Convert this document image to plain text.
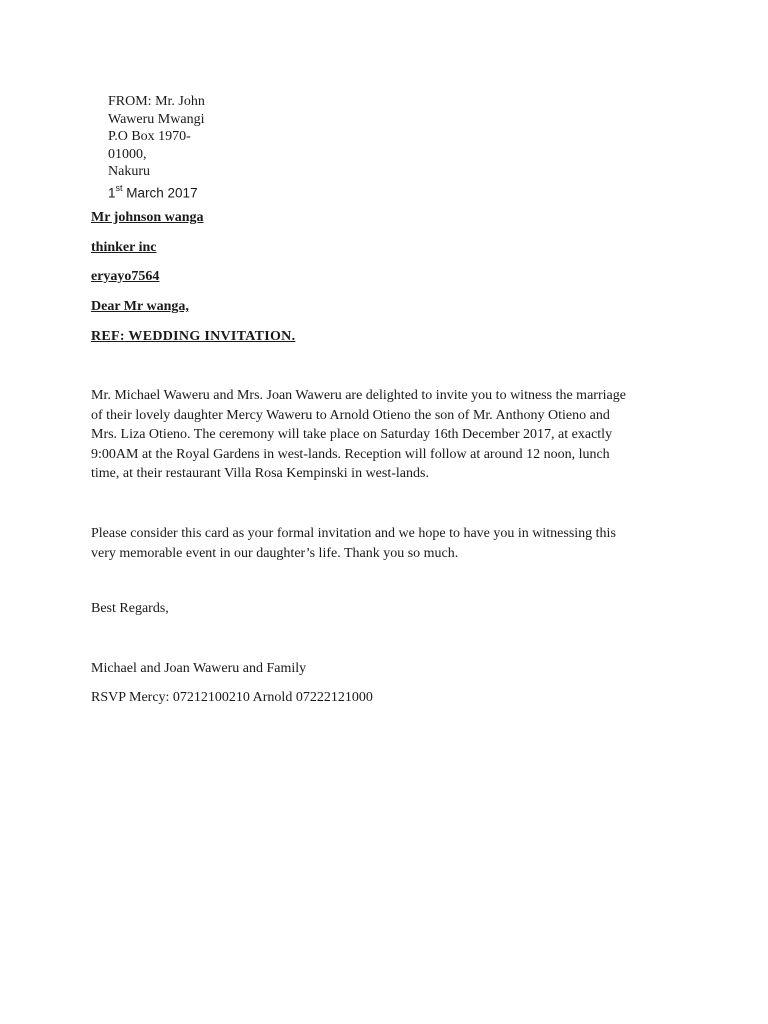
FROM: Mr. John
Waweru Mwangi
P.O Box 1970-
01000,
Nakuru
1st March 2017
Mr johnson wanga
thinker inc
eryayo7564
Dear Mr wanga,
REF: WEDDING INVITATION.
Mr. Michael Waweru and Mrs. Joan Waweru are delighted to invite you to witness the marriage
of their lovely daughter Mercy Waweru to Arnold Otieno the son of Mr. Anthony Otieno and
Mrs. Liza Otieno. The ceremony will take place on Saturday 16th December 2017, at exactly
9:00AM at the Royal Gardens in west-lands. Reception will follow at around 12 noon, lunch
time, at their restaurant Villa Rosa Kempinski in west-lands.
Please consider this card as your formal invitation and we hope to have you in witnessing this
very memorable event in our daughter’s life. Thank you so much.
Best Regards,
Michael and Joan Waweru and Family
RSVP Mercy: 07212100210 Arnold 07222121000
